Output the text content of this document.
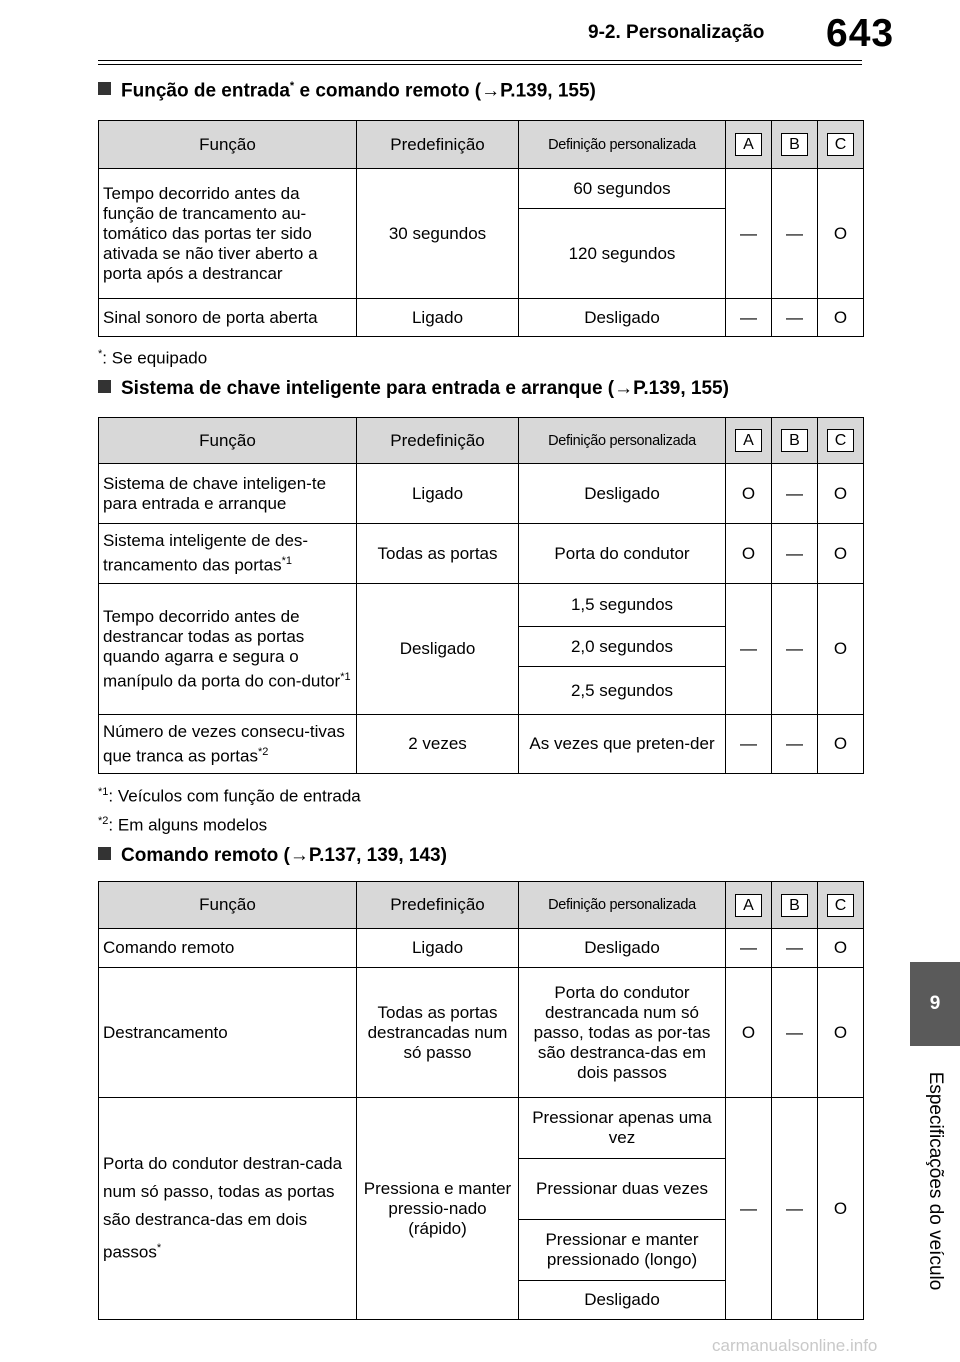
9-2. Personalização 643
9
Especificações do veículo
Função de entrada* e comando remoto (→P.139, 155)
Função	Predefinição	Definição personalizada	A	B	C
Tempo decorrido antes da função de trancamento au-tomático das portas ter sido ativada se não tiver aberto a porta após a destrancar	30 segundos	60 segundos	—	—	O
		120 segundos			
Sinal sonoro de porta aberta	Ligado	Desligado	—	—	O
*: Se equipado
Sistema de chave inteligente para entrada e arranque (→P.139, 155)
Função	Predefinição	Definição personalizada	A	B	C
Sistema de chave inteligen-te para entrada e arranque	Ligado	Desligado	O	—	O
Sistema inteligente de des-trancamento das portas$^{*1}$	Todas as portas	Porta do condutor	O	—	O
Tempo decorrido antes de destrancar todas as portas quando agarra e segura o manípulo da porta do con-dutor$^{*1}$	Desligado	1,5 segundos	—	—	O
		2,0 segundos			
		2,5 segundos			
Número de vezes consecu-tivas que tranca as portas$^{*2}$	2 vezes	As vezes que preten-der	—	—	O
$^{*1}$: Veículos com função de entrada
$^{*2}$: Em alguns modelos
Comando remoto (→P.137, 139, 143)
Função	Predefinição	Definição personalizada	A	B	C
Comando remoto	Ligado	Desligado	—	—	O
Destrancamento	Todas as portas destrancadas num só passo	Porta do condutor destrancada num só passo, todas as por-tas são destranca-das em dois passos	O	—	O
Porta do condutor destran-cada num só passo, todas as portas são destranca-das em dois passos*	Pressiona e manter pressio-nado (rápido)	Pressionar apenas uma vez	—	—	O
		Pressionar duas vezes			
		Pressionar e manter pressionado (longo)			
		Desligado			
carmanualsonline.info
